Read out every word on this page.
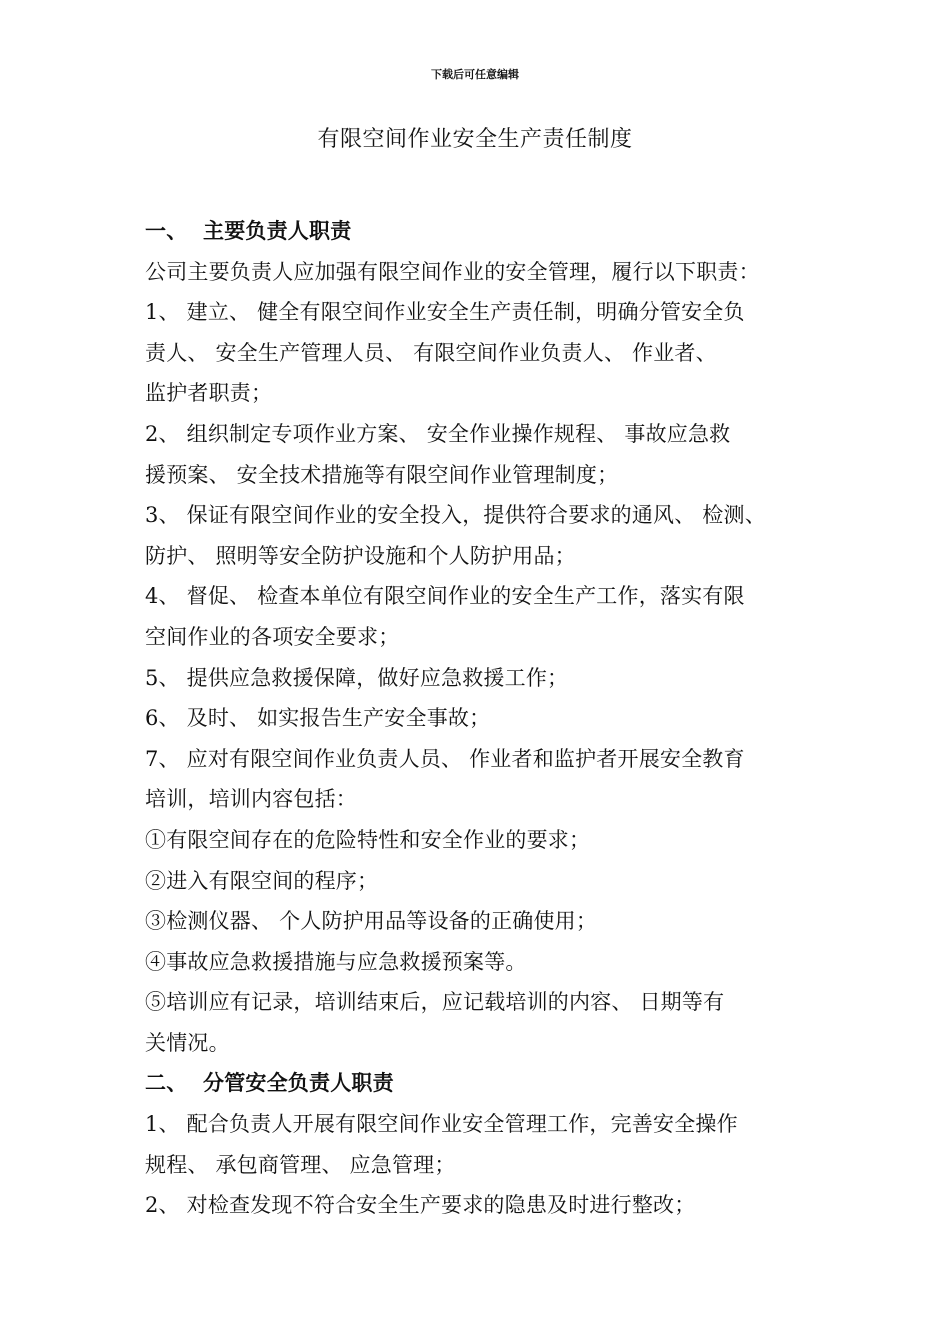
下载后可任意编辑
有限空间作业安全生产责任制度
一、 主要负责人职责
公司主要负责人应加强有限空间作业的安全管理，履行以下职责：
1、 建立、 健全有限空间作业安全生产责任制，明确分管安全负
责人、 安全生产管理人员、 有限空间作业负责人、 作业者、
监护者职责；
2、 组织制定专项作业方案、 安全作业操作规程、 事故应急救
援预案、 安全技术措施等有限空间作业管理制度；
3、 保证有限空间作业的安全投入，提供符合要求的通风、 检测、
防护、 照明等安全防护设施和个人防护用品；
4、 督促、 检查本单位有限空间作业的安全生产工作，落实有限
空间作业的各项安全要求；
5、 提供应急救援保障，做好应急救援工作；
6、 及时、 如实报告生产安全事故；
7、 应对有限空间作业负责人员、 作业者和监护者开展安全教育
培训，培训内容包括：
①有限空间存在的危险特性和安全作业的要求；
②进入有限空间的程序；
③检测仪器、 个人防护用品等设备的正确使用；
④事故应急救援措施与应急救援预案等。
⑤培训应有记录，培训结束后，应记载培训的内容、 日期等有
关情况。
二、 分管安全负责人职责
1、 配合负责人开展有限空间作业安全管理工作，完善安全操作
规程、 承包商管理、 应急管理；
2、 对检查发现不符合安全生产要求的隐患及时进行整改；
